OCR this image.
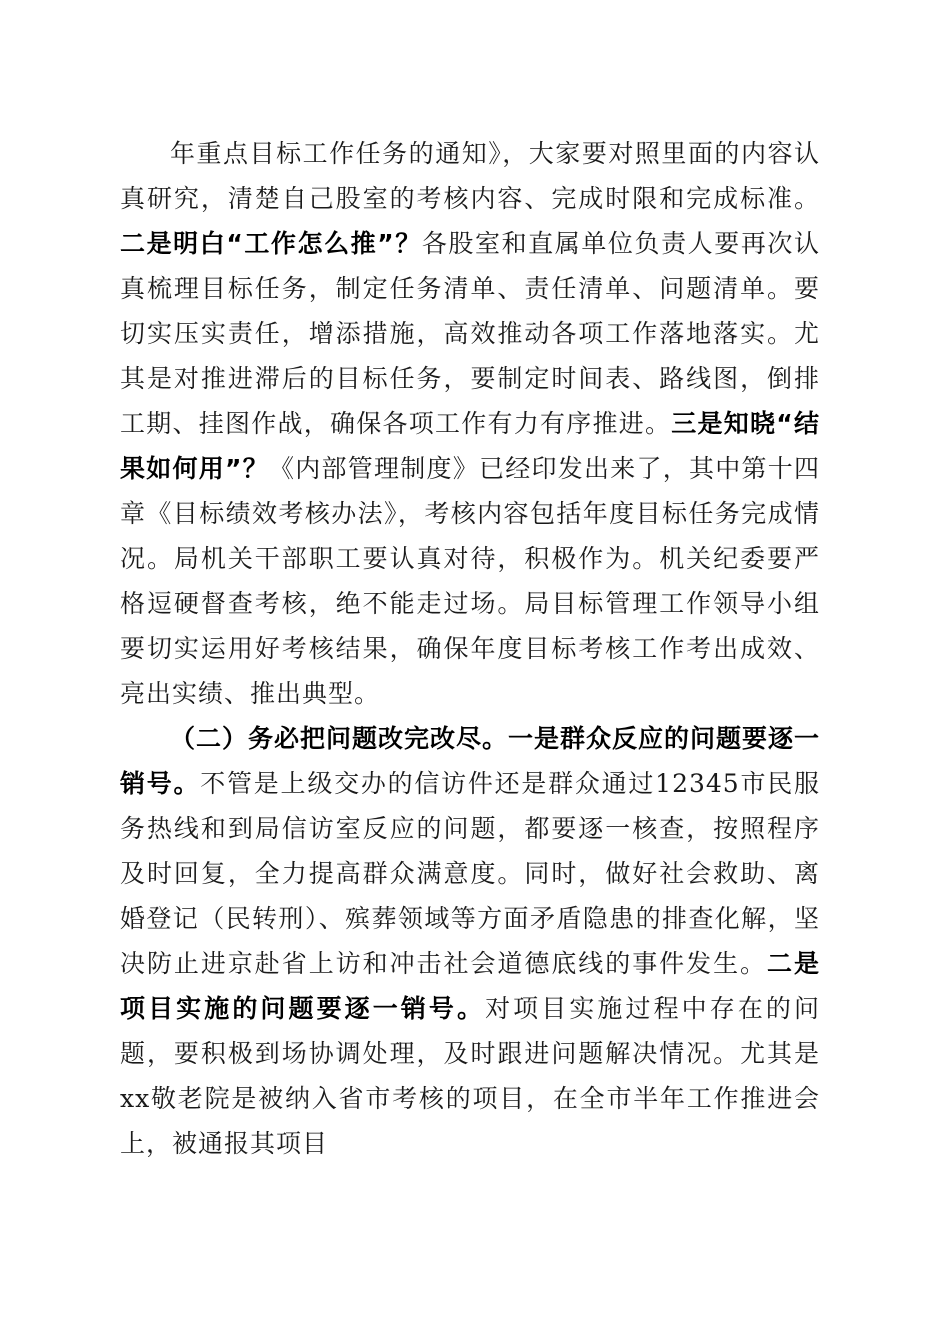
年重点目标工作任务的通知》，大家要对照里面的内容认真研究，清楚自己股室的考核内容、完成时限和完成标准。二是明白“工作怎么推”？各股室和直属单位负责人要再次认真梳理目标任务，制定任务清单、责任清单、问题清单。要切实压实责任，增添措施，高效推动各项工作落地落实。尤其是对推进滞后的目标任务，要制定时间表、路线图，倒排工期、挂图作战，确保各项工作有力有序推进。三是知晓“结果如何用”？《内部管理制度》已经印发出来了，其中第十四章《目标绩效考核办法》，考核内容包括年度目标任务完成情况。局机关干部职工要认真对待，积极作为。机关纪委要严格逗硬督查考核，绝不能走过场。局目标管理工作领导小组要切实运用好考核结果，确保年度目标考核工作考出成效、亮出实绩、推出典型。

（二）务必把问题改完改尽。一是群众反应的问题要逐一销号。不管是上级交办的信访件还是群众通过12345市民服务热线和到局信访室反应的问题，都要逐一核查，按照程序及时回复，全力提高群众满意度。同时，做好社会救助、离婚登记（民转刑）、殡葬领域等方面矛盾隐患的排查化解，坚决防止进京赴省上访和冲击社会道德底线的事件发生。二是项目实施的问题要逐一销号。对项目实施过程中存在的问题，要积极到场协调处理，及时跟进问题解决情况。尤其是xx敬老院是被纳入省市考核的项目，在全市半年工作推进会上，被通报其项目
